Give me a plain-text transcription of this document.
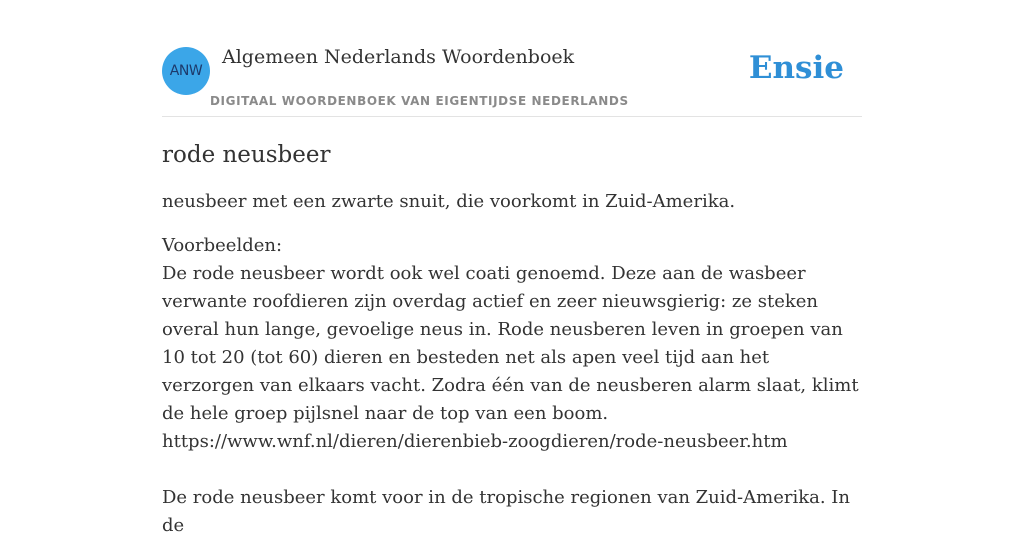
ANW
Algemeen Nederlands Woordenboek
DIGITAAL WOORDENBOEK VAN EIGENTIJDSE NEDERLANDS
Ensie
rode neusbeer

neusbeer met een zwarte snuit, die voorkomt in Zuid-Amerika.

Voorbeelden:

De rode neusbeer wordt ook wel coati genoemd. Deze aan de wasbeer verwante roofdieren zijn overdag actief en zeer nieuwsgierig: ze steken overal hun lange, gevoelige neus in. Rode neusberen leven in groepen van 10 tot 20 (tot 60) dieren en besteden net als apen veel tijd aan het verzorgen van elkaars vacht. Zodra één van de neusberen alarm slaat, klimt de hele groep pijlsnel naar de top van een boom.

https://www.wnf.nl/dieren/dierenbieb-zoogdieren/rode-neusbeer.htm

De rode neusbeer komt voor in de tropische regionen van Zuid-Amerika. In de
